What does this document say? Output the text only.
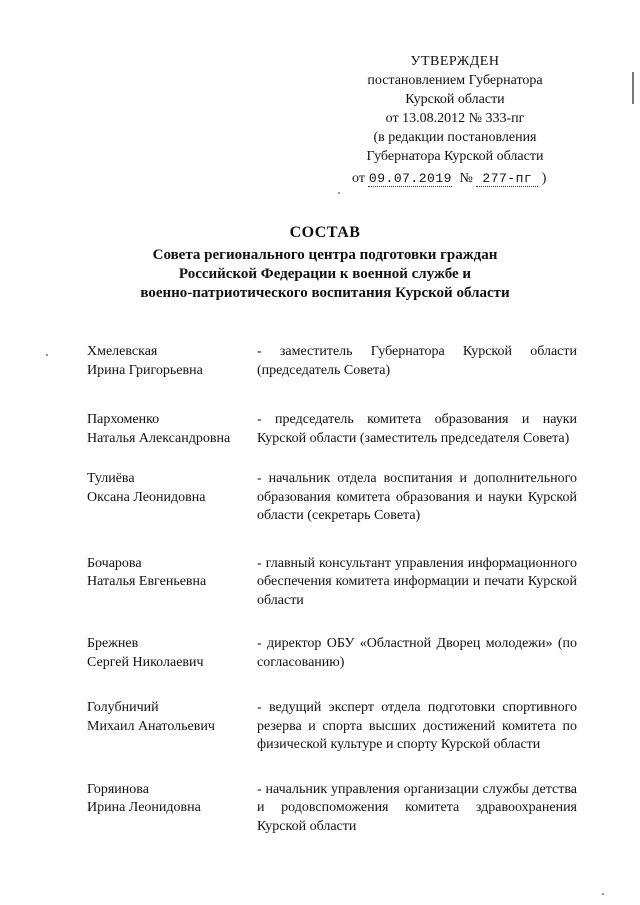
УТВЕРЖДЕН
постановлением Губернатора
Курской области
от 13.08.2012 № 333-пг
(в редакции постановления
Губернатора Курской области
от 09.07.2019 № 277-пг )
СОСТАВ
Совета регионального центра подготовки граждан
Российской Федерации к военной службе и
военно-патриотического воспитания Курской области
Хмелевская
Ирина Григорьевна
- заместитель Губернатора Курской области (председатель Совета)
Пархоменко
Наталья Александровна
- председатель комитета образования и науки Курской области (заместитель председателя Совета)
Тулиёва
Оксана Леонидовна
- начальник отдела воспитания и дополнительного образования комитета образования и науки Курской области (секретарь Совета)
Бочарова
Наталья Евгеньевна
- главный консультант управления информационного обеспечения комитета информации и печати Курской области
Брежнев
Сергей Николаевич
- директор ОБУ «Областной Дворец молодежи» (по согласованию)
Голубничий
Михаил Анатольевич
- ведущий эксперт отдела подготовки спортивного резерва и спорта высших достижений комитета по физической культуре и спорту Курской области
Горяинова
Ирина Леонидовна
- начальник управления организации службы детства и родовспоможения комитета здравоохранения Курской области
